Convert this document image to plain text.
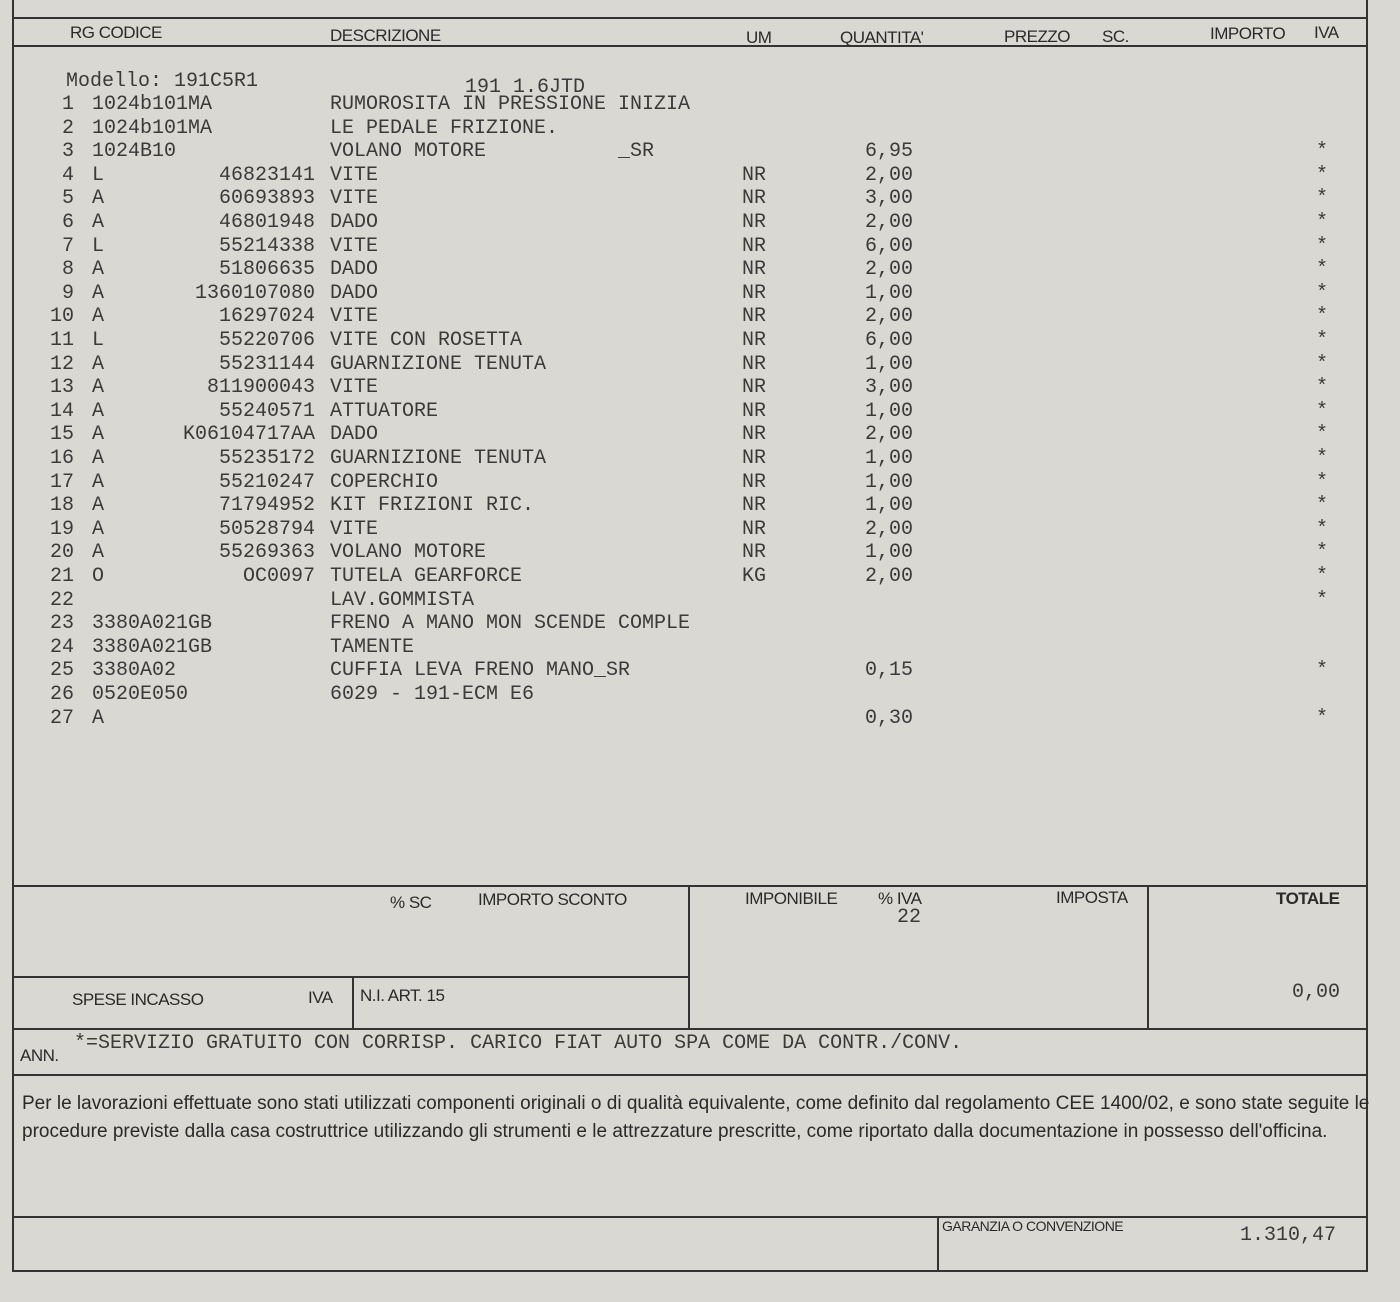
RG CODICE	DESCRIZIONE	UM	QUANTITA'	PREZZO SC.	IMPORTO IVA
Modello: 191C5R1	191 1.6JTD
1 1024b101MA	RUMOROSITA IN PRESSIONE INIZIA
2 1024b101MA	LE PEDALE FRIZIONE.
3 1024B10	VOLANO MOTORE           _SR	6,95	*
4 L	46823141 VITE	NR	2,00	*
5 A	60693893 VITE	NR	3,00	*
6 A	46801948 DADO	NR	2,00	*
7 L	55214338 VITE	NR	6,00	*
8 A	51806635 DADO	NR	2,00	*
9 A	1360107080 DADO	NR	1,00	*
10 A	16297024 VITE	NR	2,00	*
11 L	55220706 VITE CON ROSETTA	NR	6,00	*
12 A	55231144 GUARNIZIONE TENUTA	NR	1,00	*
13 A	811900043 VITE	NR	3,00	*
14 A	55240571 ATTUATORE	NR	1,00	*
15 A	K06104717AA DADO	NR	2,00	*
16 A	55235172 GUARNIZIONE TENUTA	NR	1,00	*
17 A	55210247 COPERCHIO	NR	1,00	*
18 A	71794952 KIT FRIZIONI RIC.	NR	1,00	*
19 A	50528794 VITE	NR	2,00	*
20 A	55269363 VOLANO MOTORE	NR	1,00	*
21 O	OC0097 TUTELA GEARFORCE	KG	2,00	*
22	LAV.GOMMISTA	*
23 3380A021GB	FRENO A MANO MON SCENDE COMPLE
24 3380A021GB	TAMENTE
25 3380A02	CUFFIA LEVA FRENO MANO_SR	0,15	*
26 0520E050	6029 - 191-ECM E6
27 A	0,30	*
% SC	IMPORTO SCONTO	IMPONIBILE % IVA
22
IMPOSTA	TOTALE
0,00
SPESE INCASSO	IVA N.I. ART. 15
ANN.
*=SERVIZIO GRATUITO CON CORRISP. CARICO FIAT AUTO SPA COME DA CONTR./CONV.
Per le lavorazioni effettuate sono stati utilizzati componenti originali o di qualità equivalente, come definito dal regolamento CEE 1400/02, e sono state seguite le procedure previste dalla casa costruttrice utilizzando gli strumenti e le attrezzature prescritte, come riportato dalla documentazione in possesso dell'officina.
GARANZIA O CONVENZIONE	1.310,47
